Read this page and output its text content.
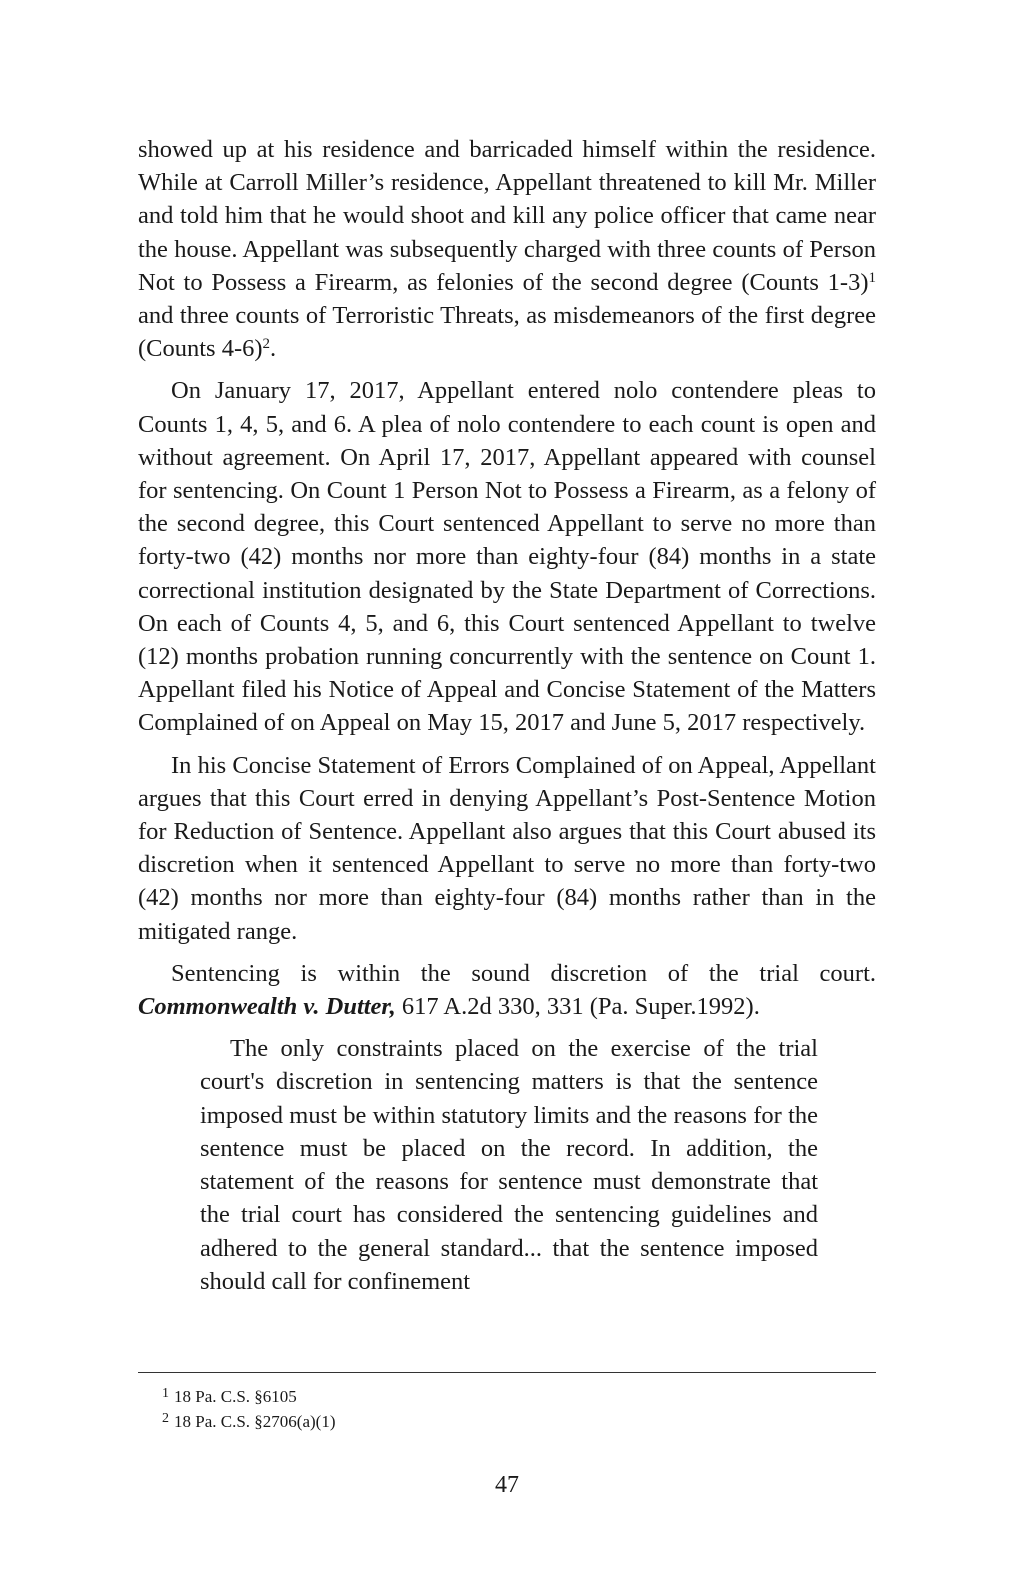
showed up at his residence and barricaded himself within the residence. While at Carroll Miller’s residence, Appellant threatened to kill Mr. Miller and told him that he would shoot and kill any police officer that came near the house. Appellant was subsequently charged with three counts of Person Not to Possess a Firearm, as felonies of the second degree (Counts 1-3)$^1$ and three counts of Terroristic Threats, as misdemeanors of the first degree (Counts 4-6)$^2$.
On January 17, 2017, Appellant entered nolo contendere pleas to Counts 1, 4, 5, and 6. A plea of nolo contendere to each count is open and without agreement. On April 17, 2017, Appellant appeared with counsel for sentencing. On Count 1 Person Not to Possess a Firearm, as a felony of the second degree, this Court sentenced Appellant to serve no more than forty-two (42) months nor more than eighty-four (84) months in a state correctional institution designated by the State Department of Corrections. On each of Counts 4, 5, and 6, this Court sentenced Appellant to twelve (12) months probation running concurrently with the sentence on Count 1. Appellant filed his Notice of Appeal and Concise Statement of the Matters Complained of on Appeal on May 15, 2017 and June 5, 2017 respectively.
In his Concise Statement of Errors Complained of on Appeal, Appellant argues that this Court erred in denying Appellant’s Post-Sentence Motion for Reduction of Sentence. Appellant also argues that this Court abused its discretion when it sentenced Appellant to serve no more than forty-two (42) months nor more than eighty-four (84) months rather than in the mitigated range.
Sentencing is within the sound discretion of the trial court. Commonwealth v. Dutter, 617 A.2d 330, 331 (Pa. Super.1992).
The only constraints placed on the exercise of the trial court's discretion in sentencing matters is that the sentence imposed must be within statutory limits and the reasons for the sentence must be placed on the record. In addition, the statement of the reasons for sentence must demonstrate that the trial court has considered the sentencing guidelines and adhered to the general standard... that the sentence imposed should call for confinement
$^1$ 18 Pa. C.S. §6105
$^2$ 18 Pa. C.S. §2706(a)(1)
47
